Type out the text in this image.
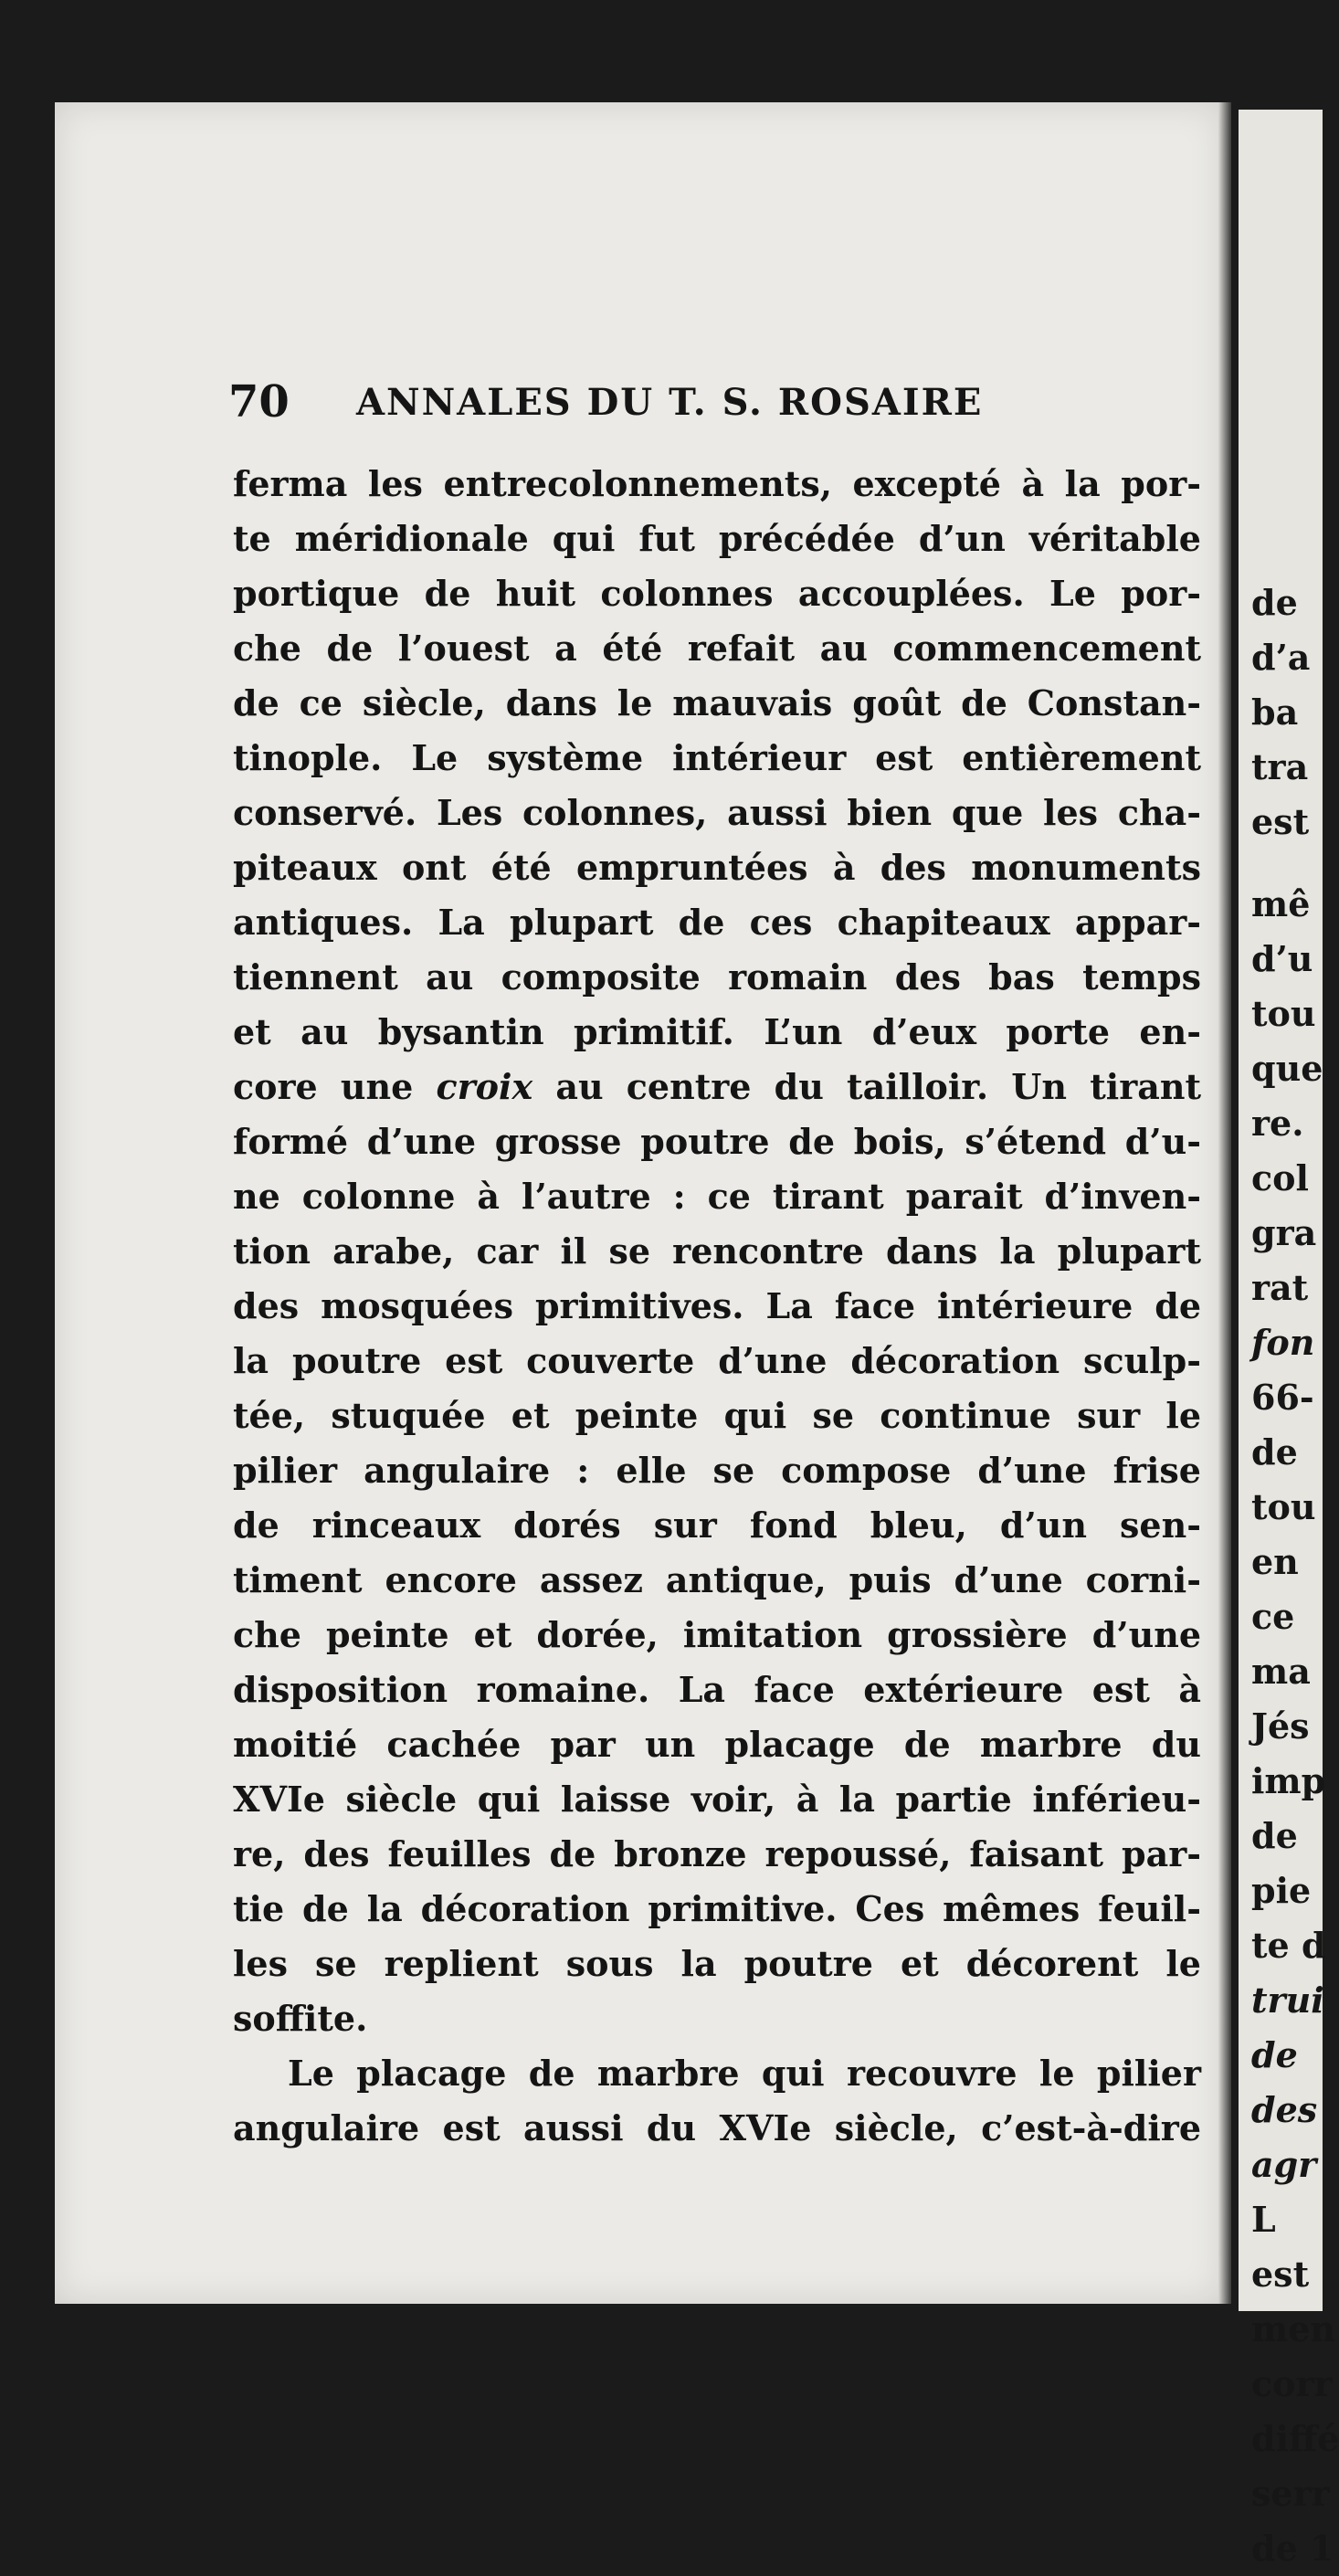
de
d’a
ba
tra
est
mê
d’u
tou
que
re.
col
gra
rat
fon
66-
de
tou
en
ce
ma
Jés
imp
de
pie
te d
trui
de
des
agr
L
est
men
corr
diffé
serr
de 1
70	ANNALES DU T. S. ROSAIRE
ferma les entrecolonnements, excepté à la por-
te méridionale qui fut précédée d’un véritable
portique de huit colonnes accouplées. Le por-
che de l’ouest a été refait au commencement
de ce siècle, dans le mauvais goût de Constan-
tinople. Le système intérieur est entièrement
conservé. Les colonnes, aussi bien que les cha-
piteaux ont été empruntées à des monuments
antiques. La plupart de ces chapiteaux appar-
tiennent au composite romain des bas temps
et au bysantin primitif. L’un d’eux porte en-
core une croix au centre du tailloir. Un tirant
formé d’une grosse poutre de bois, s’étend d’u-
ne colonne à l’autre : ce tirant parait d’inven-
tion arabe, car il se rencontre dans la plupart
des mosquées primitives. La face intérieure de
la poutre est couverte d’une décoration sculp-
tée, stuquée et peinte qui se continue sur le
pilier angulaire : elle se compose d’une frise
de rinceaux dorés sur fond bleu, d’un sen-
timent encore assez antique, puis d’une corni-
che peinte et dorée, imitation grossière d’une
disposition romaine. La face extérieure est à
moitié cachée par un placage de marbre du
XVIe siècle qui laisse voir, à la partie inférieu-
re, des feuilles de bronze repoussé, faisant par-
tie de la décoration primitive. Ces mêmes feuil-
les se replient sous la poutre et décorent le
soffite.
Le placage de marbre qui recouvre le pilier
angulaire est aussi du XVIe siècle, c’est-à-dire
